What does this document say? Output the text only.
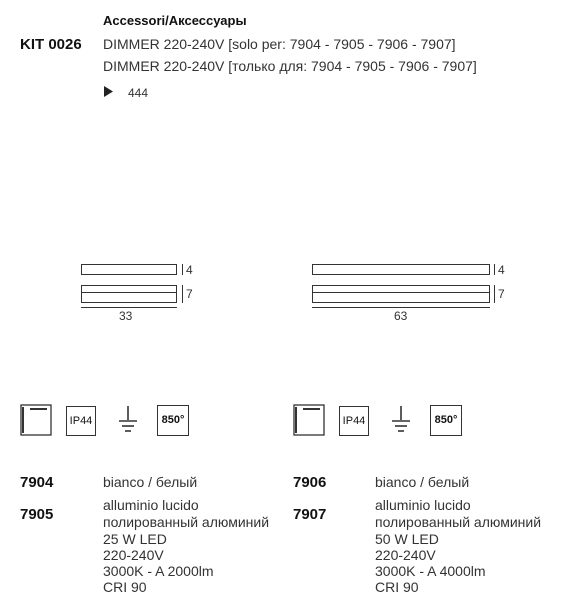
Accessori/Аксессуары
KIT 0026 DIMMER 220-240V [solo per: 7904 - 7905 - 7906 - 7907]
DIMMER 220-240V [только для: 7904 - 7905 - 7906 - 7907]
444
4
7
33
4
7
63
IP44	850°	IP44	850°
7904	bianco / белый
7905
alluminio lucido
полированный алюминий
25 W LED
220-240V
3000K - A 2000lm
CRI 90
7906	bianco / белый
7907
alluminio lucido
полированный алюминий
50 W LED
220-240V
3000K - A 4000lm
CRI 90
